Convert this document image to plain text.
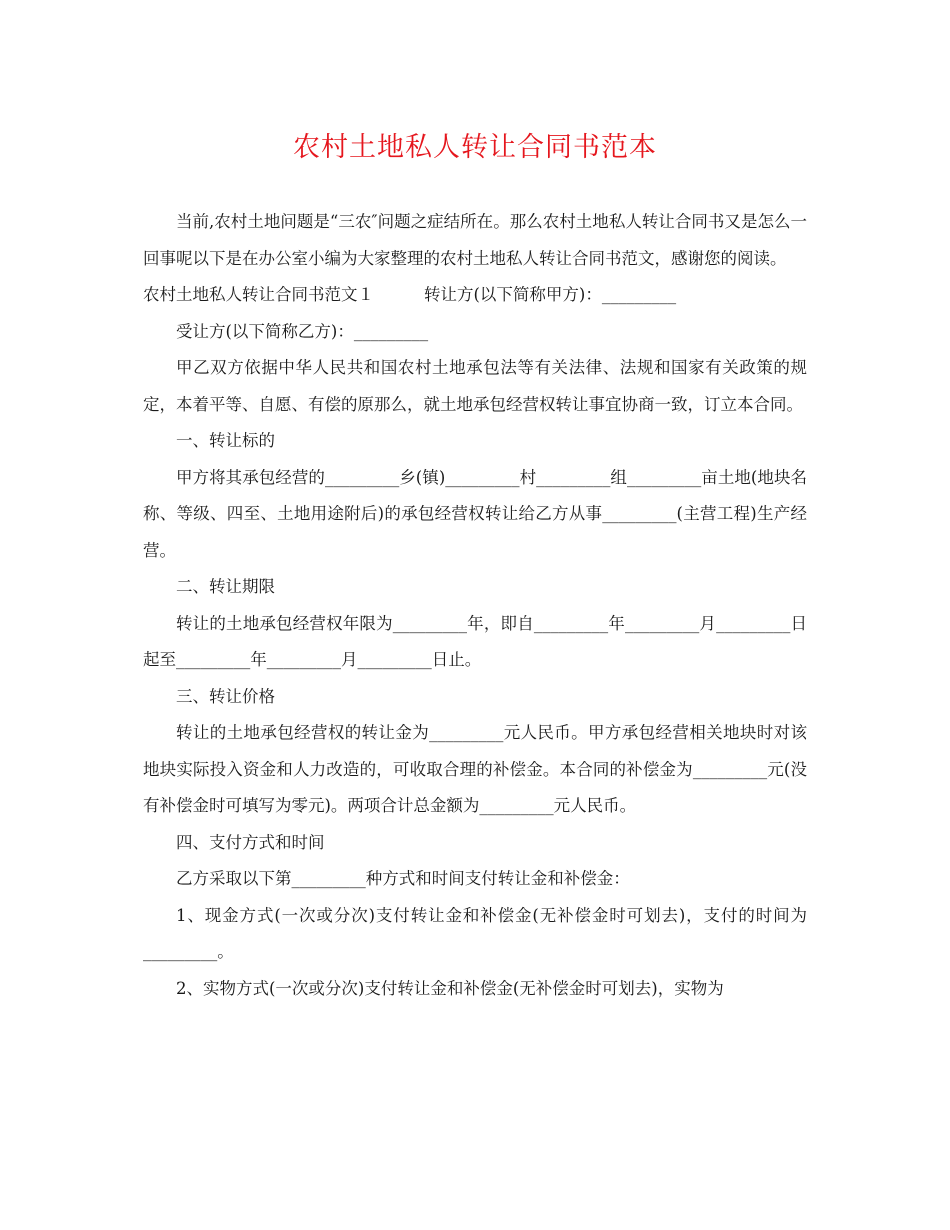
农村土地私人转让合同书范本

当前,农村土地问题是“三农″问题之症结所在。那么农村土地私人转让合同书又是怎么一回事呢以下是在办公室小编为大家整理的农村土地私人转让合同书范文，感谢您的阅读。

农村土地私人转让合同书范文１	转让方(以下简称甲方)：_________

受让方(以下简称乙方)：_________

甲乙双方依据中华人民共和国农村土地承包法等有关法律、法规和国家有关政策的规定，本着平等、自愿、有偿的原那么，就土地承包经营权转让事宜协商一致，订立本合同。

一、转让标的

甲方将其承包经营的_________乡(镇)_________村_________组_________亩土地(地块名称、等级、四至、土地用途附后)的承包经营权转让给乙方从事_________(主营工程)生产经营。

二、转让期限

转让的土地承包经营权年限为_________年，即自_________年_________月_________日起至_________年_________月_________日止。

三、转让价格

转让的土地承包经营权的转让金为_________元人民币。甲方承包经营相关地块时对该地块实际投入资金和人力改造的，可收取合理的补偿金。本合同的补偿金为_________元(没有补偿金时可填写为零元)。两项合计总金额为_________元人民币。

四、支付方式和时间

乙方采取以下第_________种方式和时间支付转让金和补偿金：

1、现金方式(一次或分次)支付转让金和补偿金(无补偿金时可划去)，支付的时间为_________。

2、实物方式(一次或分次)支付转让金和补偿金(无补偿金时可划去)，实物为
